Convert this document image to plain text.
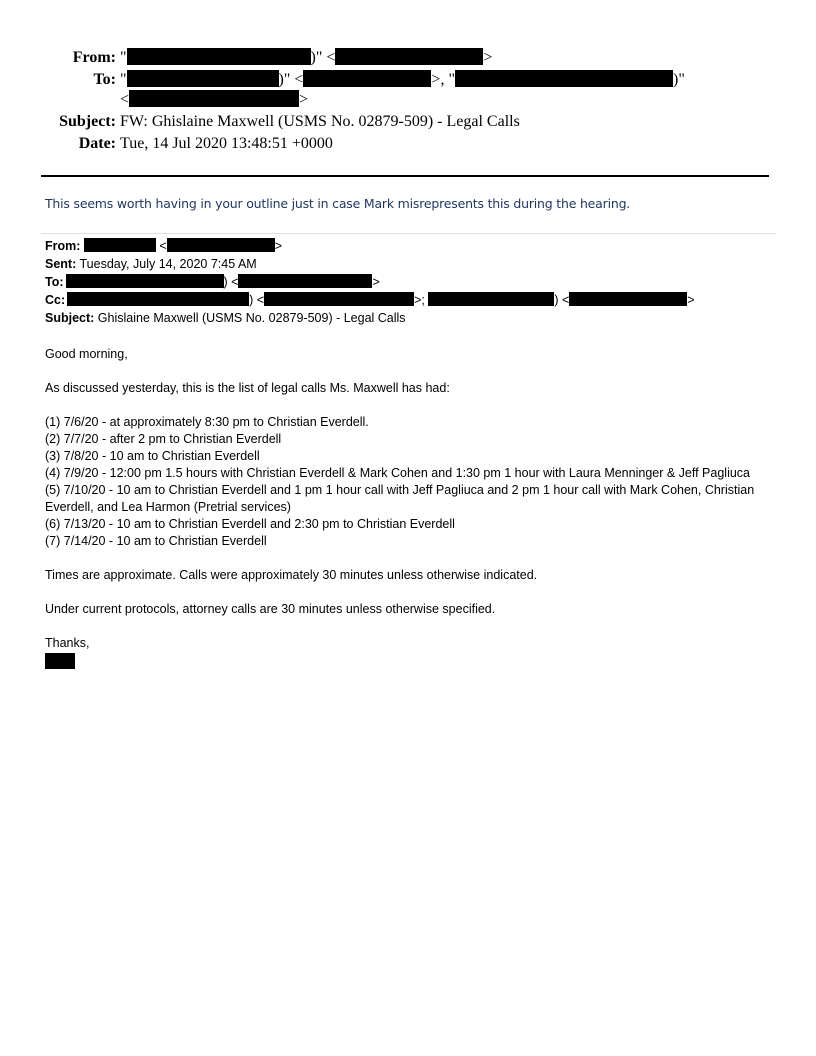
From: "	)" <	>
To: "	)" <	>, "	)"
<	>
Subject: FW: Ghislaine Maxwell (USMS No. 02879-509) - Legal Calls
Date: Tue, 14 Jul 2020 13:48:51 +0000
This seems worth having in your outline just in case Mark misrepresents this during the hearing.
From:	<	>
Sent: Tuesday, July 14, 2020 7:45 AM
To:	) <	>
Cc:	) <	>;	) <	>
Subject: Ghislaine Maxwell (USMS No. 02879-509) - Legal Calls

Good morning,

As discussed yesterday, this is the list of legal calls Ms. Maxwell has had:

(1) 7/6/20 - at approximately 8:30 pm to Christian Everdell.
(2) 7/7/20 - after 2 pm to Christian Everdell
(3) 7/8/20 - 10 am to Christian Everdell
(4) 7/9/20 - 12:00 pm 1.5 hours with Christian Everdell & Mark Cohen and 1:30 pm 1 hour with Laura Menninger & Jeff Pagliuca
(5) 7/10/20 - 10 am to Christian Everdell and 1 pm 1 hour call with Jeff Pagliuca and 2 pm 1 hour call with Mark Cohen, Christian Everdell, and Lea Harmon (Pretrial services)
(6) 7/13/20 - 10 am to Christian Everdell and 2:30 pm to Christian Everdell
(7) 7/14/20 - 10 am to Christian Everdell

Times are approximate. Calls were approximately 30 minutes unless otherwise indicated.

Under current protocols, attorney calls are 30 minutes unless otherwise specified.

Thanks,
